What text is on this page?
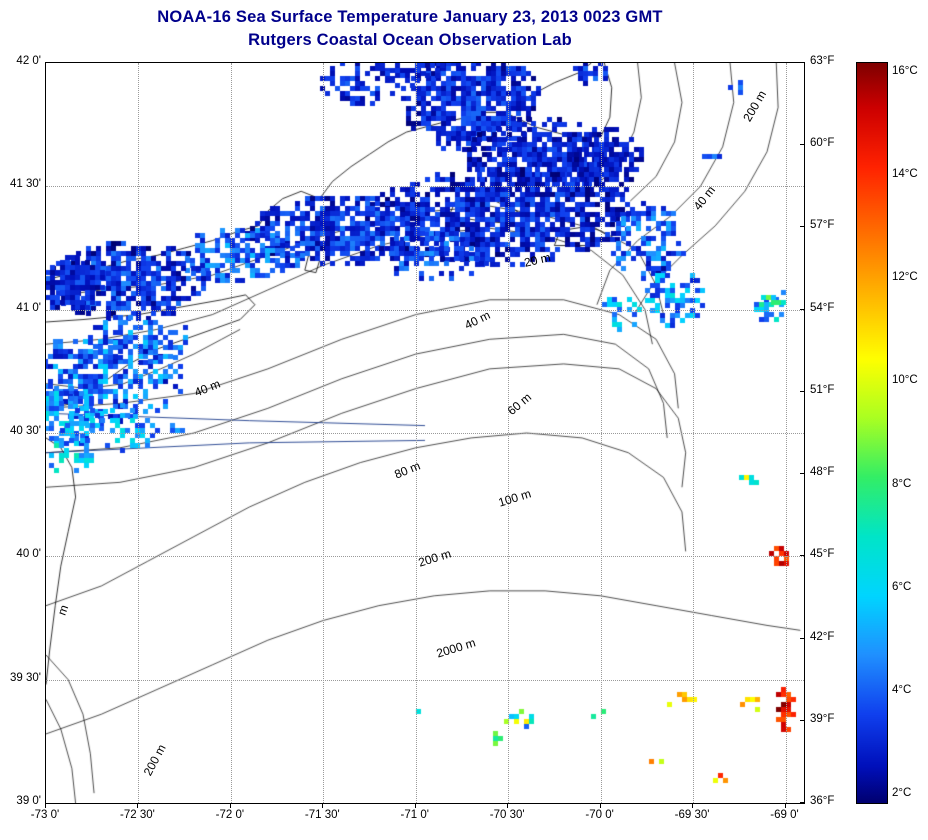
NOAA-16 Sea Surface Temperature January 23, 2013 0023 GMT
Rutgers Coastal Ocean Observation Lab
200 m
40 m
20 m
40 m
40 m
60 m
80 m
100 m
200 m
2000 m
m
200 m
-73 0'	-72 30'	-72 0'	-71 30'	-71 0'	-70 30'	-70 0'	-69 30'	-69 0'
42 0'
41 30'
41 0'
40 30'
40 0'
39 30'
39 0'
63°F
60°F
57°F
54°F
51°F
48°F
45°F
42°F
39°F
36°F
16°C
14°C
12°C
10°C
8°C
6°C
4°C
2°C
